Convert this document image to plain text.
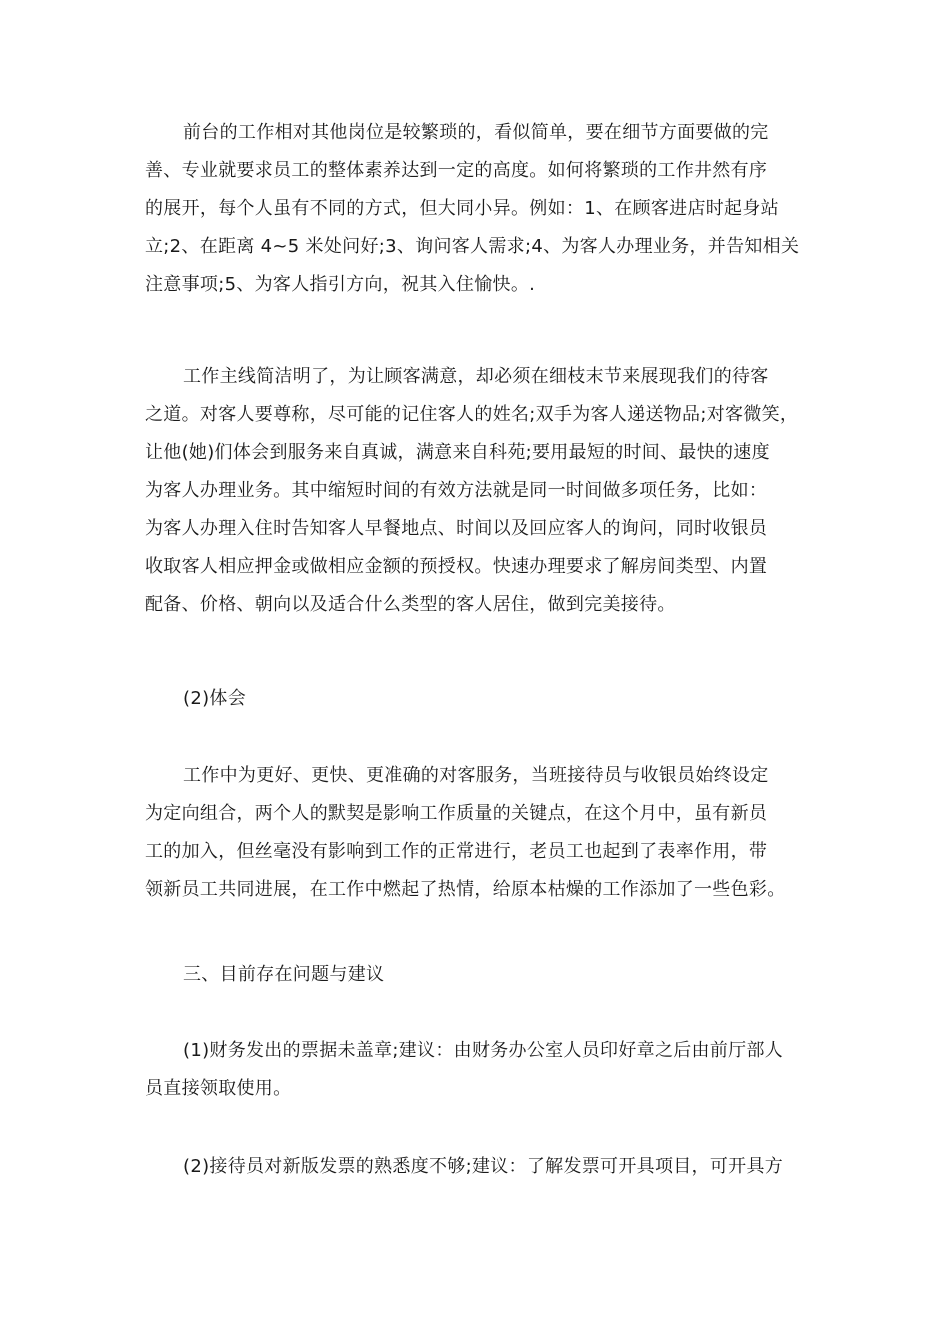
前台的工作相对其他岗位是较繁琐的，看似简单，要在细节方面要做的完
善、专业就要求员工的整体素养达到一定的高度。如何将繁琐的工作井然有序
的展开，每个人虽有不同的方式，但大同小异。例如：1、在顾客进店时起身站
立;2、在距离 4~5 米处问好;3、询问客人需求;4、为客人办理业务，并告知相关
注意事项;5、为客人指引方向，祝其入住愉快。.
工作主线简洁明了，为让顾客满意，却必须在细枝末节来展现我们的待客
之道。对客人要尊称，尽可能的记住客人的姓名;双手为客人递送物品;对客微笑，
让他(她)们体会到服务来自真诚，满意来自科苑;要用最短的时间、最快的速度
为客人办理业务。其中缩短时间的有效方法就是同一时间做多项任务，比如：
为客人办理入住时告知客人早餐地点、时间以及回应客人的询问，同时收银员
收取客人相应押金或做相应金额的预授权。快速办理要求了解房间类型、内置
配备、价格、朝向以及适合什么类型的客人居住，做到完美接待。
(2)体会
工作中为更好、更快、更准确的对客服务，当班接待员与收银员始终设定
为定向组合，两个人的默契是影响工作质量的关键点，在这个月中，虽有新员
工的加入，但丝毫没有影响到工作的正常进行，老员工也起到了表率作用，带
领新员工共同进展，在工作中燃起了热情，给原本枯燥的工作添加了一些色彩。
三、目前存在问题与建议
(1)财务发出的票据未盖章;建议：由财务办公室人员印好章之后由前厅部人
员直接领取使用。
(2)接待员对新版发票的熟悉度不够;建议：了解发票可开具项目，可开具方
